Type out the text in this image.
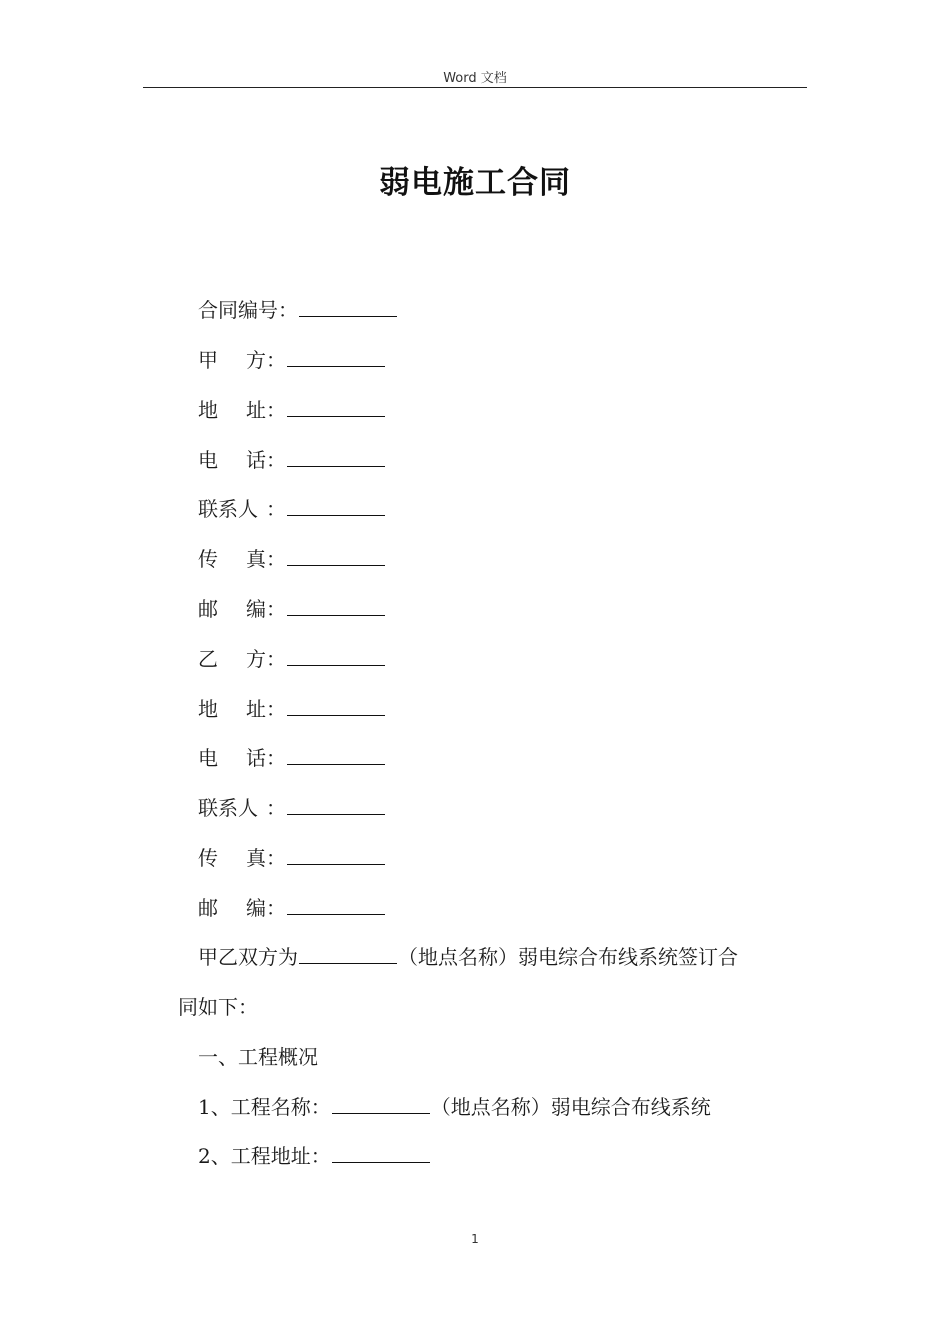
Word 文档
弱电施工合同
合同编号：
甲 方 ：
地 址 ：
电 话 ：
联系人 ：
传 真 ：
邮 编 ：
乙 方 ：
地 址 ：
电 话 ：
联系人 ：
传 真 ：
邮 编 ：
甲乙双方为	（地点名称）弱电综合布线系统签订合
同如下：
一、工程概况
1、工程名称：	（地点名称）弱电综合布线系统
2、工程地址：
1
